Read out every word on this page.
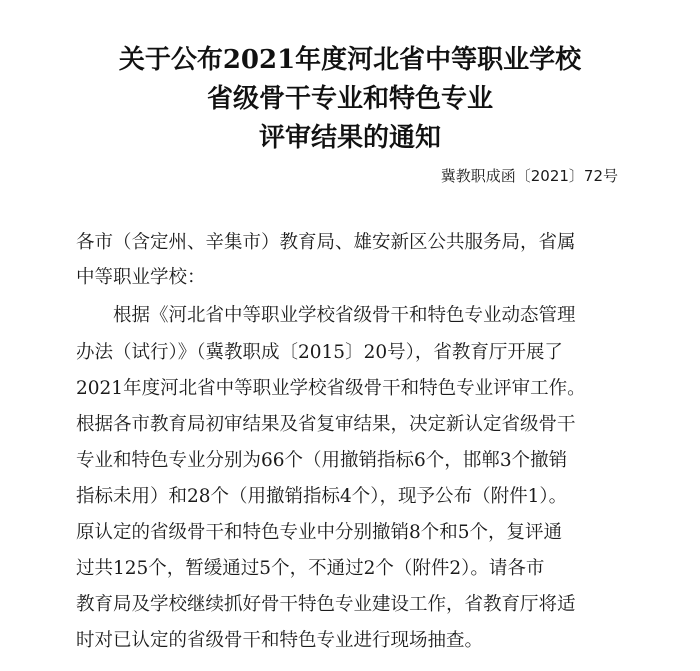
关于公布2021年度河北省中等职业学校
省级骨干专业和特色专业
评审结果的通知
冀教职成函〔2021〕72号
各市（含定州、辛集市）教育局、雄安新区公共服务局，省属
中等职业学校：
根据《河北省中等职业学校省级骨干和特色专业动态管理
办法（试行）》（冀教职成〔2015〕20号），省教育厅开展了
2021年度河北省中等职业学校省级骨干和特色专业评审工作。
根据各市教育局初审结果及省复审结果，决定新认定省级骨干
专业和特色专业分别为66个（用撤销指标6个，邯郸3个撤销
指标未用）和28个（用撤销指标4个），现予公布（附件1）。
原认定的省级骨干和特色专业中分别撤销8个和5个，复评通
过共125个，暂缓通过5个，不通过2个（附件2）。请各市
教育局及学校继续抓好骨干特色专业建设工作，省教育厅将适
时对已认定的省级骨干和特色专业进行现场抽查。
